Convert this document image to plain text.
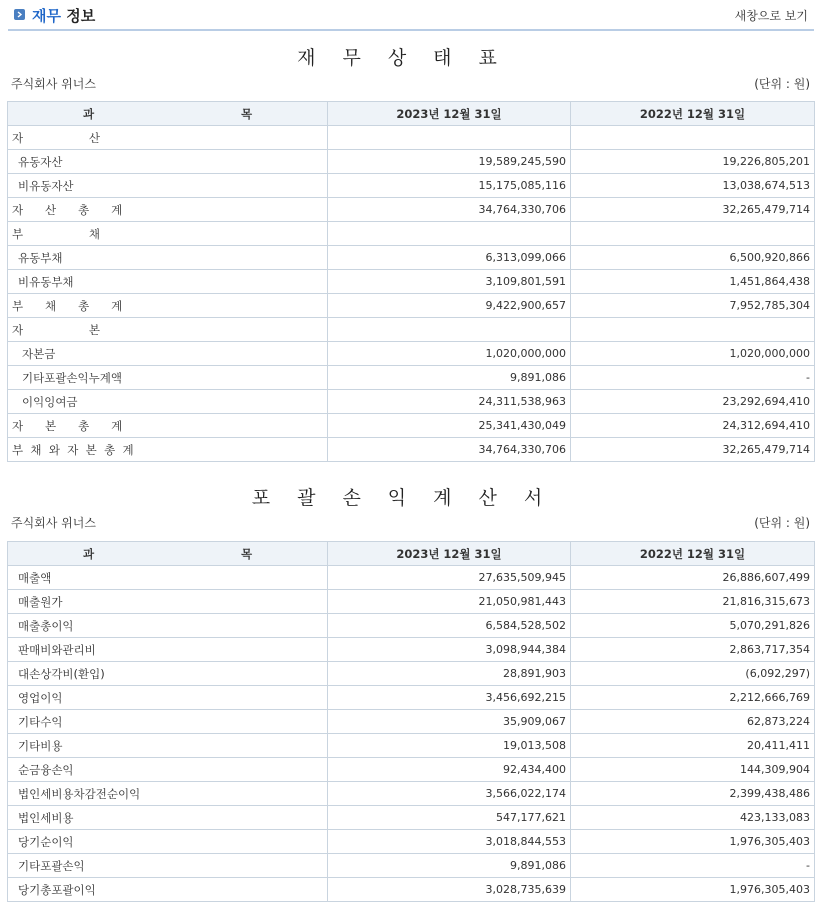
재무 정보	새창으로 보기
재무상태표
주식회사 위너스	(단위 : 원)
과 목	2023년 12월 31일	2022년 12월 31일
자                  산		
유동자산	19,589,245,590	19,226,805,201
비유동자산	15,175,085,116	13,038,674,513
자      산      총      계	34,764,330,706	32,265,479,714
부                  채		
유동부채	6,313,099,066	6,500,920,866
비유동부채	3,109,801,591	1,451,864,438
부      채      총      계	9,422,900,657	7,952,785,304
자                  본		
자본금	1,020,000,000	1,020,000,000
기타포괄손익누계액	9,891,086	-
이익잉여금	24,311,538,963	23,292,694,410
자      본      총      계	25,341,430,049	24,312,694,410
부  채  와  자  본  총  계	34,764,330,706	32,265,479,714
포괄손익계산서
주식회사 위너스	(단위 : 원)
과 목	2023년 12월 31일	2022년 12월 31일
매출액	27,635,509,945	26,886,607,499
매출원가	21,050,981,443	21,816,315,673
매출총이익	6,584,528,502	5,070,291,826
판매비와관리비	3,098,944,384	2,863,717,354
대손상각비(환입)	28,891,903	(6,092,297)
영업이익	3,456,692,215	2,212,666,769
기타수익	35,909,067	62,873,224
기타비용	19,013,508	20,411,411
순금융손익	92,434,400	144,309,904
법인세비용차감전순이익	3,566,022,174	2,399,438,486
법인세비용	547,177,621	423,133,083
당기순이익	3,018,844,553	1,976,305,403
기타포괄손익	9,891,086	-
당기총포괄이익	3,028,735,639	1,976,305,403
